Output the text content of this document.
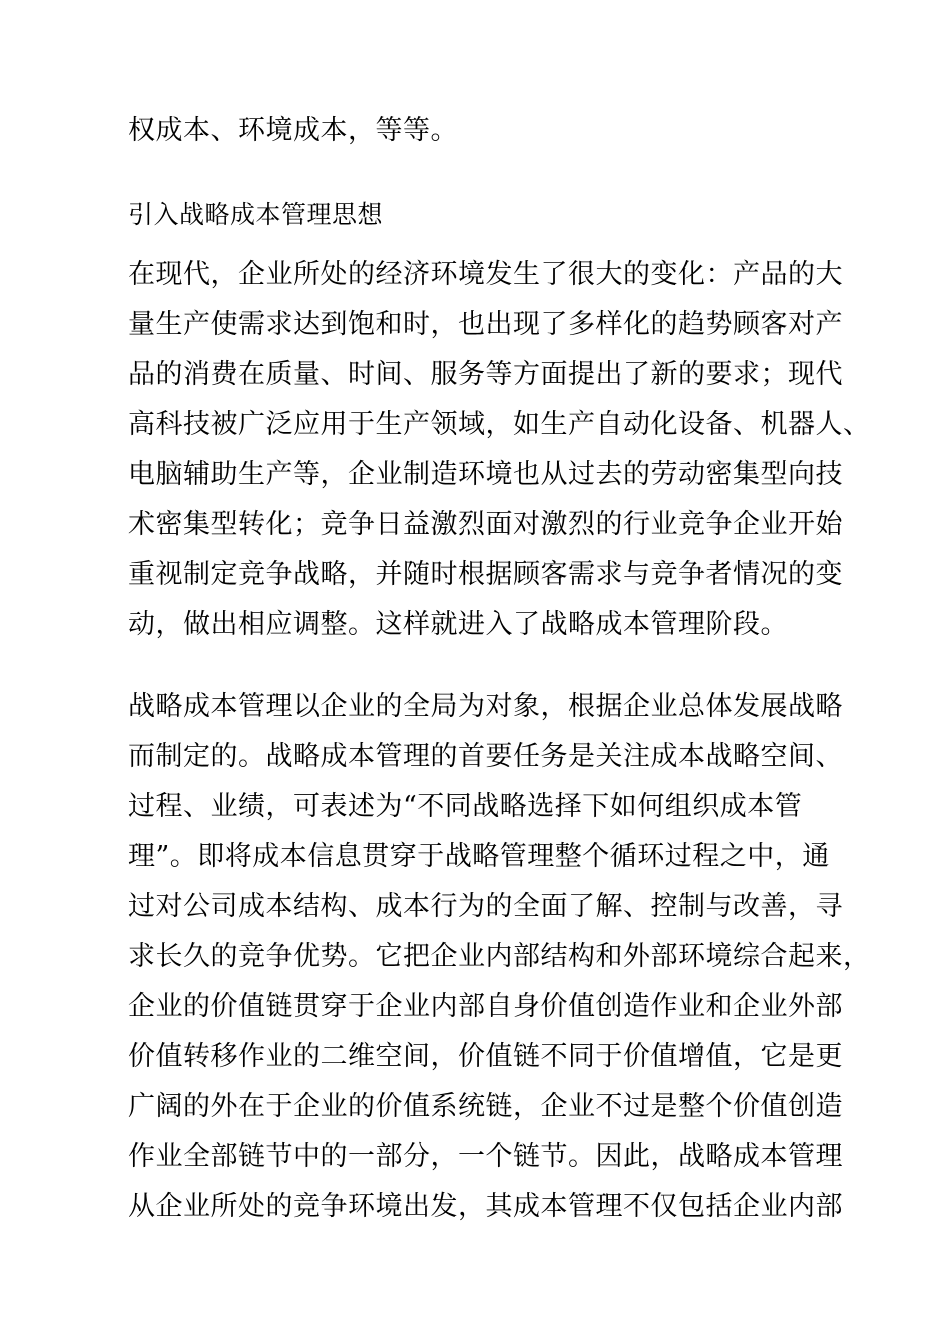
权成本、环境成本，等等。
引入战略成本管理思想
在现代，企业所处的经济环境发生了很大的变化：产品的大
量生产使需求达到饱和时，也出现了多样化的趋势顾客对产
品的消费在质量、时间、服务等方面提出了新的要求；现代
高科技被广泛应用于生产领域，如生产自动化设备、机器人、
电脑辅助生产等，企业制造环境也从过去的劳动密集型向技
术密集型转化；竞争日益激烈面对激烈的行业竞争企业开始
重视制定竞争战略，并随时根据顾客需求与竞争者情况的变
动，做出相应调整。这样就进入了战略成本管理阶段。
战略成本管理以企业的全局为对象，根据企业总体发展战略
而制定的。战略成本管理的首要任务是关注成本战略空间、
过程、业绩，可表述为“不同战略选择下如何组织成本管
理”。即将成本信息贯穿于战略管理整个循环过程之中，通
过对公司成本结构、成本行为的全面了解、控制与改善，寻
求长久的竞争优势。它把企业内部结构和外部环境综合起来，
企业的价值链贯穿于企业内部自身价值创造作业和企业外部
价值转移作业的二维空间，价值链不同于价值增值，它是更
广阔的外在于企业的价值系统链，企业不过是整个价值创造
作业全部链节中的一部分，一个链节。因此，战略成本管理
从企业所处的竞争环境出发，其成本管理不仅包括企业内部
